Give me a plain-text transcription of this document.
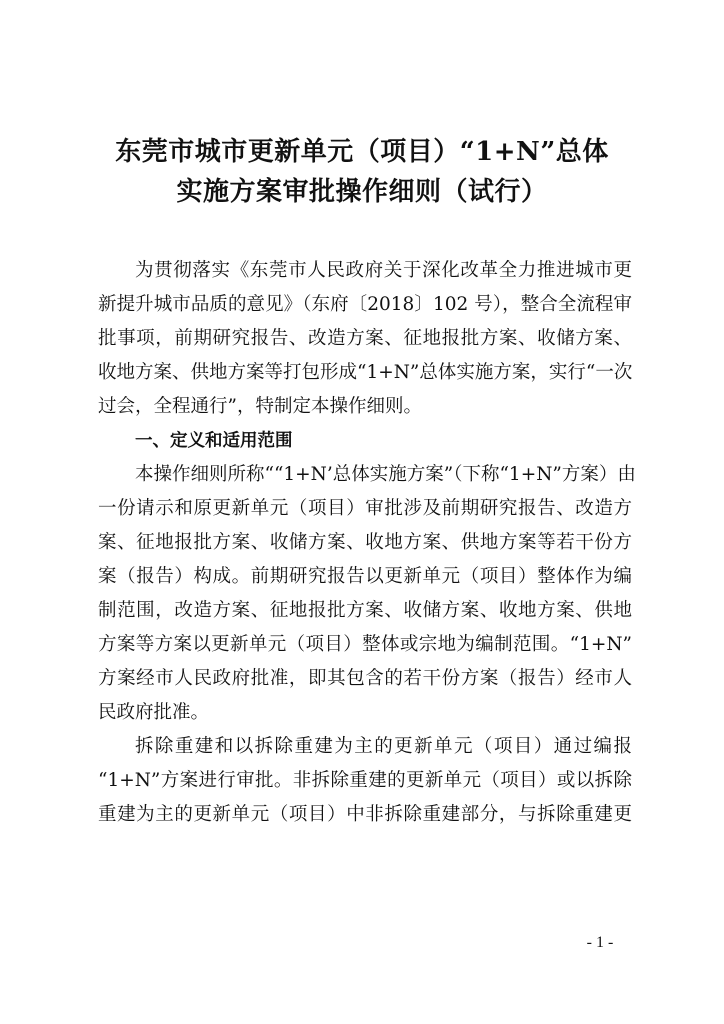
东莞市城市更新单元（项目）“1+N”总体
实施方案审批操作细则（试行）
为贯彻落实《东莞市人民政府关于深化改革全力推进城市更
新提升城市品质的意见》（东府〔2018〕102 号），整合全流程审
批事项，前期研究报告、改造方案、征地报批方案、收储方案、
收地方案、供地方案等打包形成“1+N”总体实施方案，实行“一次
过会，全程通行”，特制定本操作细则。
一、定义和适用范围
本操作细则所称““1+N’总体实施方案”（下称“1+N”方案）由
一份请示和原更新单元（项目）审批涉及前期研究报告、改造方
案、征地报批方案、收储方案、收地方案、供地方案等若干份方
案（报告）构成。前期研究报告以更新单元（项目）整体作为编
制范围，改造方案、征地报批方案、收储方案、收地方案、供地
方案等方案以更新单元（项目）整体或宗地为编制范围。“1+N”
方案经市人民政府批准，即其包含的若干份方案（报告）经市人
民政府批准。
拆除重建和以拆除重建为主的更新单元（项目）通过编报
“1+N”方案进行审批。非拆除重建的更新单元（项目）或以拆除
重建为主的更新单元（项目）中非拆除重建部分，与拆除重建更
- 1 -
